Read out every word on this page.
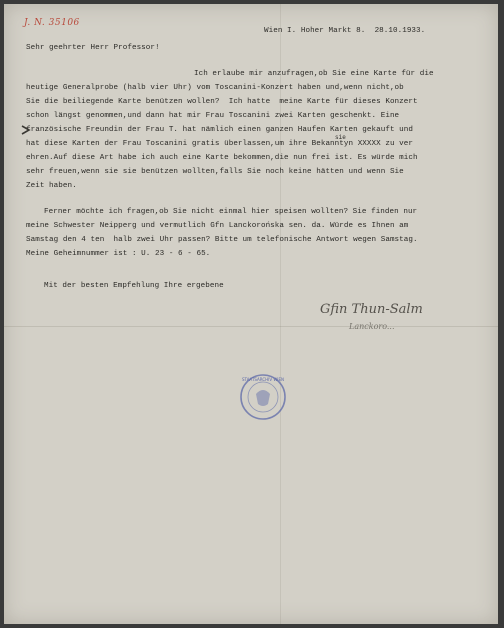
J. N. 35106
Wien I. Hoher Markt 8.  28.10.1933.
Sehr geehrter Herr Professor!
Ich erlaube mir anzufragen,ob Sie eine Karte für die
heutige Generalprobe (halb vier Uhr) vom Toscanini-Konzert haben und,wenn nicht,ob
Sie die beiliegende Karte benützen wollen?  Ich hatte  meine Karte für dieses Konzert
schon längst genommen,und dann hat mir Frau Toscanini zwei Karten geschenkt. Eine
französische Freundin der Frau T. hat nämlich einen ganzen Haufen Karten gekauft und
sie
hat diese Karten der Frau Toscanini gratis überlassen,um ihre Bekanntyn XXXXX zu ver
ehren.Auf diese Art habe ich auch eine Karte bekommen,die nun frei ist. Es würde mich
sehr freuen,wenn sie sie benützen wollten,falls Sie noch keine hätten und wenn Sie
Zeit haben.
Ferner möchte ich fragen,ob Sie nicht einmal hier speisen wollten? Sie finden nur
meine Schwester Neipperg und vermutlich Gfn Lanckorońska sen. da. Würde es Ihnen am
Samstag den 4 ten  halb zwei Uhr passen? Bitte um telefonische Antwort wegen Samstag.
Meine Geheimnummer ist : U. 23 - 6 - 65.
Mit der besten Empfehlung Ihre ergebene
Gfin Thun-Salm
Lanckoro...
STAATSARCHIV WIEN
